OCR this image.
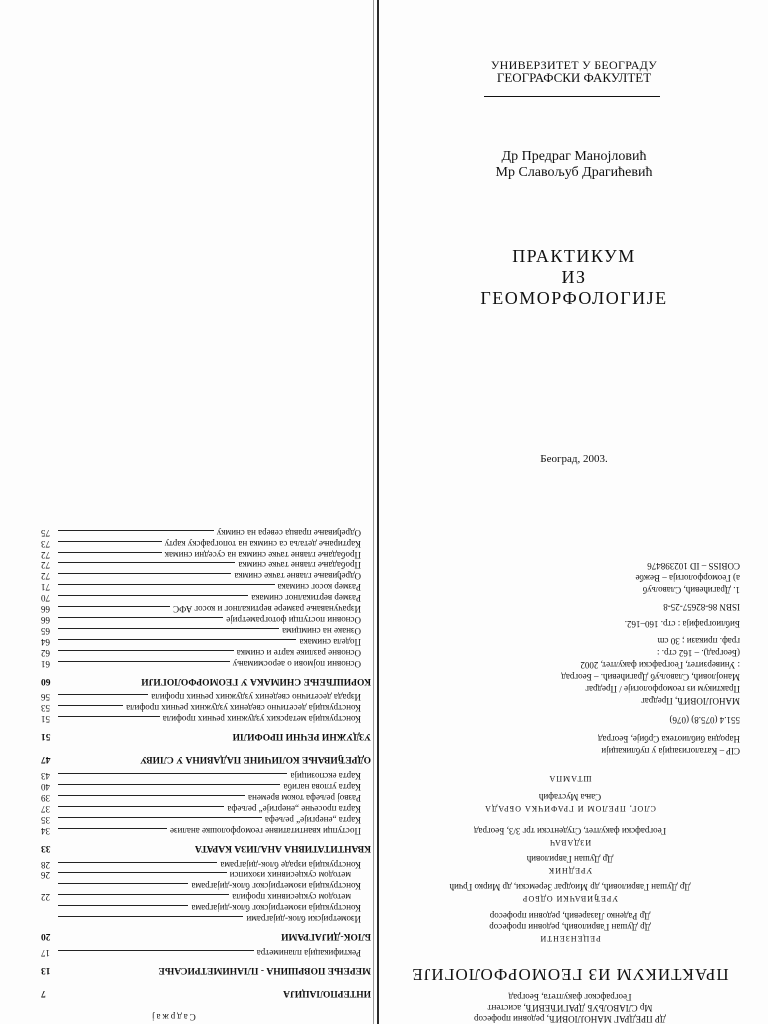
УНИВЕРЗИТЕТ У БЕОГРАДУ
ГЕОГРАФСКИ ФАКУЛТЕТ
Др Предраг Манојловић
Мр Славољуб Драгићевић
ПРАКТИКУМ
ИЗ
ГЕОМОРФОЛОГИЈЕ
Београд, 2003.
ДР ПРЕДРАГ МАНОЈЛОВИЋ, редовни професор
Мр СЛАВОЉУБ ДРАГИЋЕВИЋ, асистент
Географског факултета, Београд
ПРАКТИКУМ ИЗ ГЕОМОРФОЛОГИЈЕ
РЕЦЕНЗЕНТИ
Др Душан Гавриловић, редовни професор
Др Раденко Лазаревић, редовни професор
УРЕЂИВАЧКИ ОДБОР
Др Душан Гавриловић, др Миодраг Зеремски, др Мирко Грчић
УРЕДНИК
Др Душан Гавриловић
ИЗДАВАЧ
Географски факултет, Студентски трг 3/3, Београд
СЛОГ, ПРЕЛОМ И ГРАФИЧКА ОБРАДА
Сања Мустафић
ШТАМПА
CIP – Каталогизација у публикацији
Народна библиотека Србије, Београд
551.4 (075.8) (076)
МАНОЈЛОВИЋ, Предраг
Практикум из геоморфологије / Предраг
Манојловић, Славољуб Драгићевић. – Београд
: Универзитет, Географски факултет, 2002
(Београд). – 162 стр. :
граф. прикази ; 30 cm
Библиографија : стр. 160–162.
ISBN 86-82657-25-8
1. Драгићевић, Славољуб
а) Геоморфологија – Вежбе
COBISS – ID 102398476
Садржај
ИНТЕРПОЛАЦИЈА
7
МЕРЕЊЕ ПОВРШИНА - ПЛАНИМЕТРИСАЊЕ
13
Ректификација планиметра
17
БЛОК-ДИЈАГРАМИ
20
Изометријски блок-дијаграми
Конструкција изометријског блок-дијаграма
методом сукцесивних профила
22
Конструкција изометријског блок-дијаграма
методом сукцесивних изохипси
26
Конструкција израде блок-дијаграма
28
КВАНТИТАТИВНА АНАЛИЗА КАРАТА
33
Поступци квантитативне геоморфолошке анализе
34
Карта „енергије“ рељефа
35
Карта просечне „енергије“ рељефа
37
Развој рељефа током времена
39
Карта углова нагиба
40
Карта експозиција
43
ОДРЕЂИВАЊЕ КОЛИЧИНЕ ПАДАВИНА У СЛИВУ
47
УЗДУЖНИ РЕЧНИ ПРОФИЛИ
51
Конструкција метарских уздужних речних профила
51
Конструкција десетично сведених уздужних речних профила
53
Израда десетично сведених уздужних речних профила
56
КОРИШЋЕЊЕ СНИМАКА У ГЕОМОРФОЛОГИЈИ
60
Основни појмови о аеросмимању
61
Основне разлике карте и снимка
62
Подела снимака
64
Ознаке на снимцима
65
Основни поступци фотограметрије
66
Израчунавање размере вертикалног и косог АФС
66
Размер вертикалног снимака
70
Размер косог снимака
71
Одређивање главне тачке снимка
72
Пробадање главне тачке снимка
72
Пробадање главне тачке снимка на суседни снимак
72
Картирање детаља са снимка на топографску карту
73
Одређивање правца севера на снимку
75
